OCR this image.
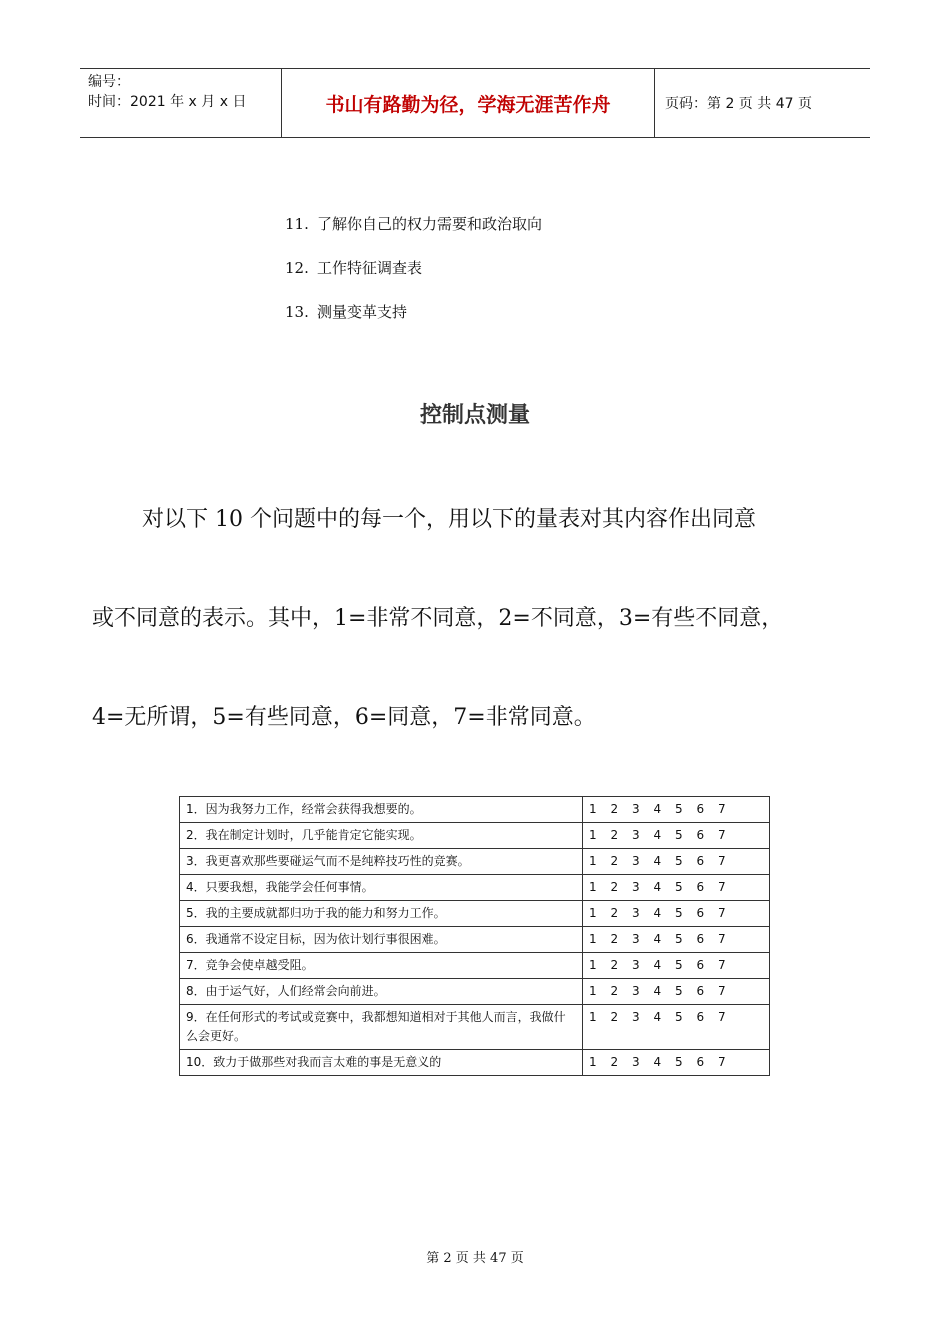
编号：
时间：2021 年 x 月 x 日	书山有路勤为径，学海无涯苦作舟	页码：第 2 页 共 47 页
11. 了解你自己的权力需要和政治取向
12. 工作特征调查表
13. 测量变革支持
控制点测量
对以下 10 个问题中的每一个，用以下的量表对其内容作出同意
或不同意的表示。其中，1=非常不同意，2=不同意，3=有些不同意，
4=无所谓，5=有些同意，6=同意，7=非常同意。
1．因为我努力工作，经常会获得我想要的。	1 2 3 4 5 6 7
2．我在制定计划时，几乎能肯定它能实现。	1 2 3 4 5 6 7
3．我更喜欢那些要碰运气而不是纯粹技巧性的竞赛。	1 2 3 4 5 6 7
4．只要我想，我能学会任何事情。	1 2 3 4 5 6 7
5．我的主要成就都归功于我的能力和努力工作。	1 2 3 4 5 6 7
6．我通常不设定目标，因为依计划行事很困难。	1 2 3 4 5 6 7
7．竞争会使卓越受阻。	1 2 3 4 5 6 7
8．由于运气好，人们经常会向前进。	1 2 3 4 5 6 7
9．在任何形式的考试或竞赛中，我都想知道相对于其他人而言，我做什么会更好。	1 2 3 4 5 6 7
10．致力于做那些对我而言太难的事是无意义的	1 2 3 4 5 6 7
第 2 页 共 47 页
